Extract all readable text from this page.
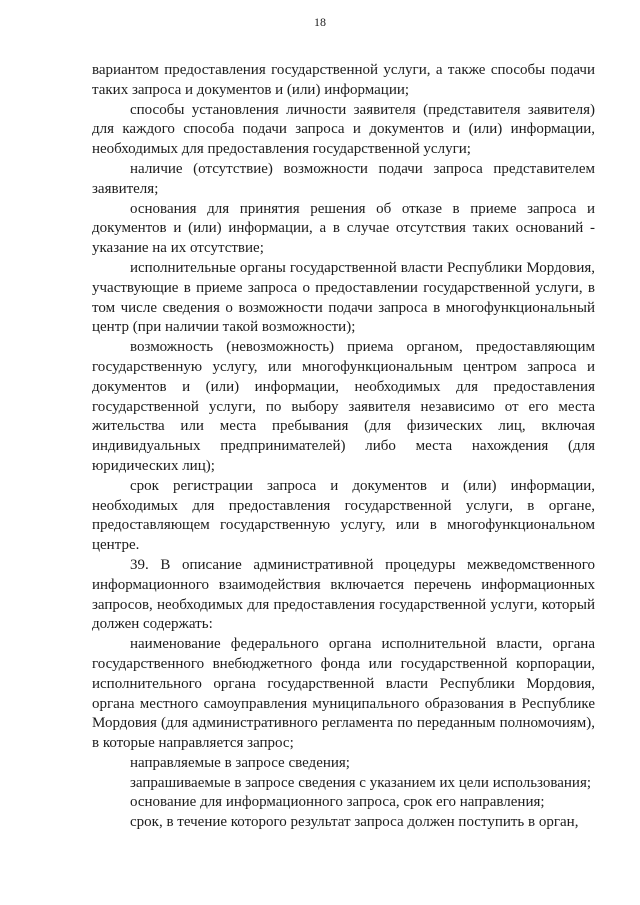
18

вариантом предоставления государственной услуги, а также способы подачи таких запроса и документов и (или) информации;

способы установления личности заявителя (представителя заявителя) для каждого способа подачи запроса и документов и (или) информации, необходимых для предоставления государственной услуги;

наличие (отсутствие) возможности подачи запроса представителем заявителя;

основания для принятия решения об отказе в приеме запроса и документов и (или) информации, а в случае отсутствия таких оснований - указание на их отсутствие;

исполнительные органы государственной власти Республики Мордовия, участвующие в приеме запроса о предоставлении государственной услуги, в том числе сведения о возможности подачи запроса в многофункциональный центр (при наличии такой возможности);

возможность (невозможность) приема органом, предоставляющим государственную услугу, или многофункциональным центром запроса и документов и (или) информации, необходимых для предоставления государственной услуги, по выбору заявителя независимо от его места жительства или места пребывания (для физических лиц, включая индивидуальных предпринимателей) либо места нахождения (для юридических лиц);

срок регистрации запроса и документов и (или) информации, необходимых для предоставления государственной услуги, в органе, предоставляющем государственную услугу, или в многофункциональном центре.

39. В описание административной процедуры межведомственного информационного взаимодействия включается перечень информационных запросов, необходимых для предоставления государственной услуги, который должен содержать:

наименование федерального органа исполнительной власти, органа государственного внебюджетного фонда или государственной корпорации, исполнительного органа государственной власти Республики Мордовия, органа местного самоуправления муниципального образования в Республике Мордовия (для административного регламента по переданным полномочиям), в которые направляется запрос;

направляемые в запросе сведения;

запрашиваемые в запросе сведения с указанием их цели использования;

основание для информационного запроса, срок его направления;

срок, в течение которого результат запроса должен поступить в орган,
